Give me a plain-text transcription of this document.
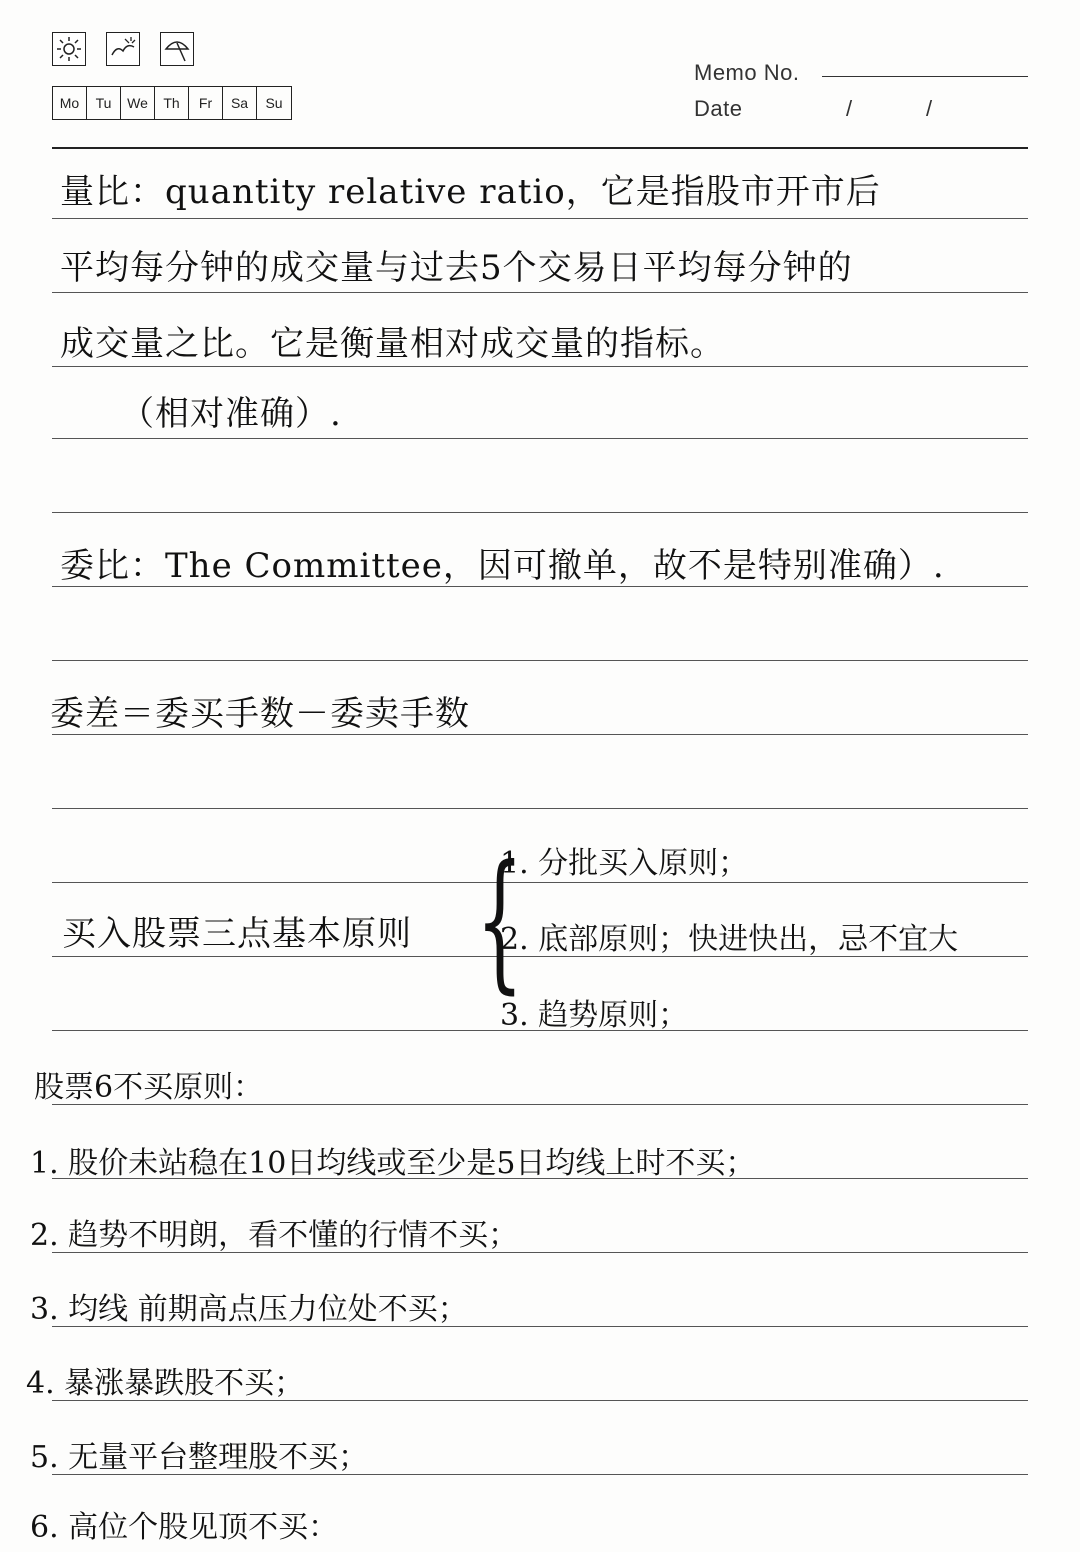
Mo	Tu	We	Th	Fr	Sa	Su
Memo No.
Date	/	/
量比：quantity relative ratio，它是指股市开市后
平均每分钟的成交量与过去5个交易日平均每分钟的
成交量之比。它是衡量相对成交量的指标。
（相对准确）.
委比：The Committee，因可撤单，故不是特别准确）.
委差＝委买手数－委卖手数
买入股票三点基本原则 {
1. 分批买入原则；
2. 底部原则；快进快出，忌不宜大
3. 趋势原则；
股票6不买原则：
1. 股价未站稳在10日均线或至少是5日均线上时不买；
2. 趋势不明朗，看不懂的行情不买；
3. 均线 前期高点压力位处不买；
4. 暴涨暴跌股不买；
5. 无量平台整理股不买；
6. 高位个股见顶不买：
